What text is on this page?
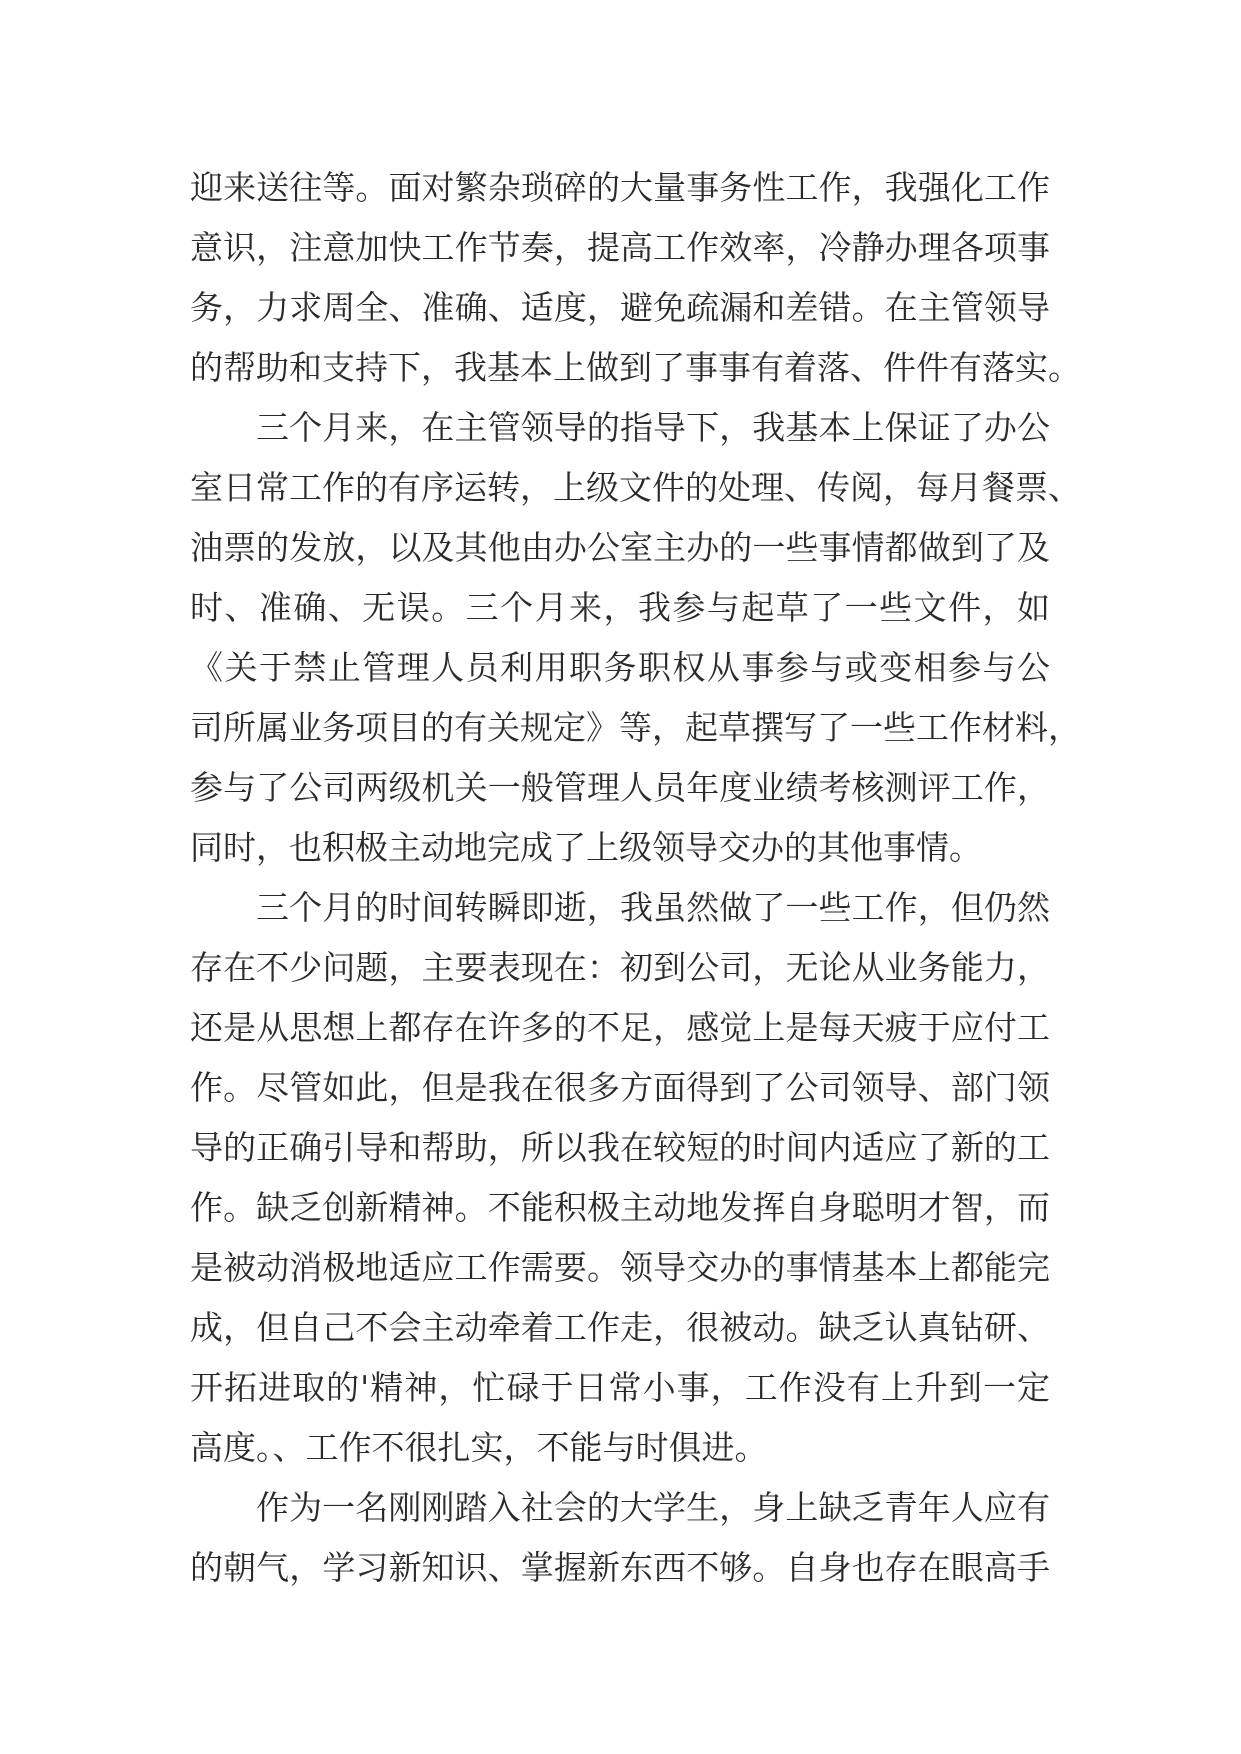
迎来送往等。面对繁杂琐碎的大量事务性工作，我强化工作
意识，注意加快工作节奏，提高工作效率，冷静办理各项事
务，力求周全、准确、适度，避免疏漏和差错。在主管领导
的帮助和支持下，我基本上做到了事事有着落、件件有落实。
三个月来，在主管领导的指导下，我基本上保证了办公
室日常工作的有序运转，上级文件的处理、传阅，每月餐票、
油票的发放，以及其他由办公室主办的一些事情都做到了及
时、准确、无误。三个月来，我参与起草了一些文件，如
《关于禁止管理人员利用职务职权从事参与或变相参与公
司所属业务项目的有关规定》等，起草撰写了一些工作材料，
参与了公司两级机关一般管理人员年度业绩考核测评工作，
同时，也积极主动地完成了上级领导交办的其他事情。
三个月的时间转瞬即逝，我虽然做了一些工作，但仍然
存在不少问题，主要表现在：初到公司，无论从业务能力，
还是从思想上都存在许多的不足，感觉上是每天疲于应付工
作。尽管如此，但是我在很多方面得到了公司领导、部门领
导的正确引导和帮助，所以我在较短的时间内适应了新的工
作。缺乏创新精神。不能积极主动地发挥自身聪明才智，而
是被动消极地适应工作需要。领导交办的事情基本上都能完
成，但自己不会主动牵着工作走，很被动。缺乏认真钻研、
开拓进取的'精神，忙碌于日常小事，工作没有上升到一定
高度。、工作不很扎实，不能与时俱进。
作为一名刚刚踏入社会的大学生，身上缺乏青年人应有
的朝气，学习新知识、掌握新东西不够。自身也存在眼高手
